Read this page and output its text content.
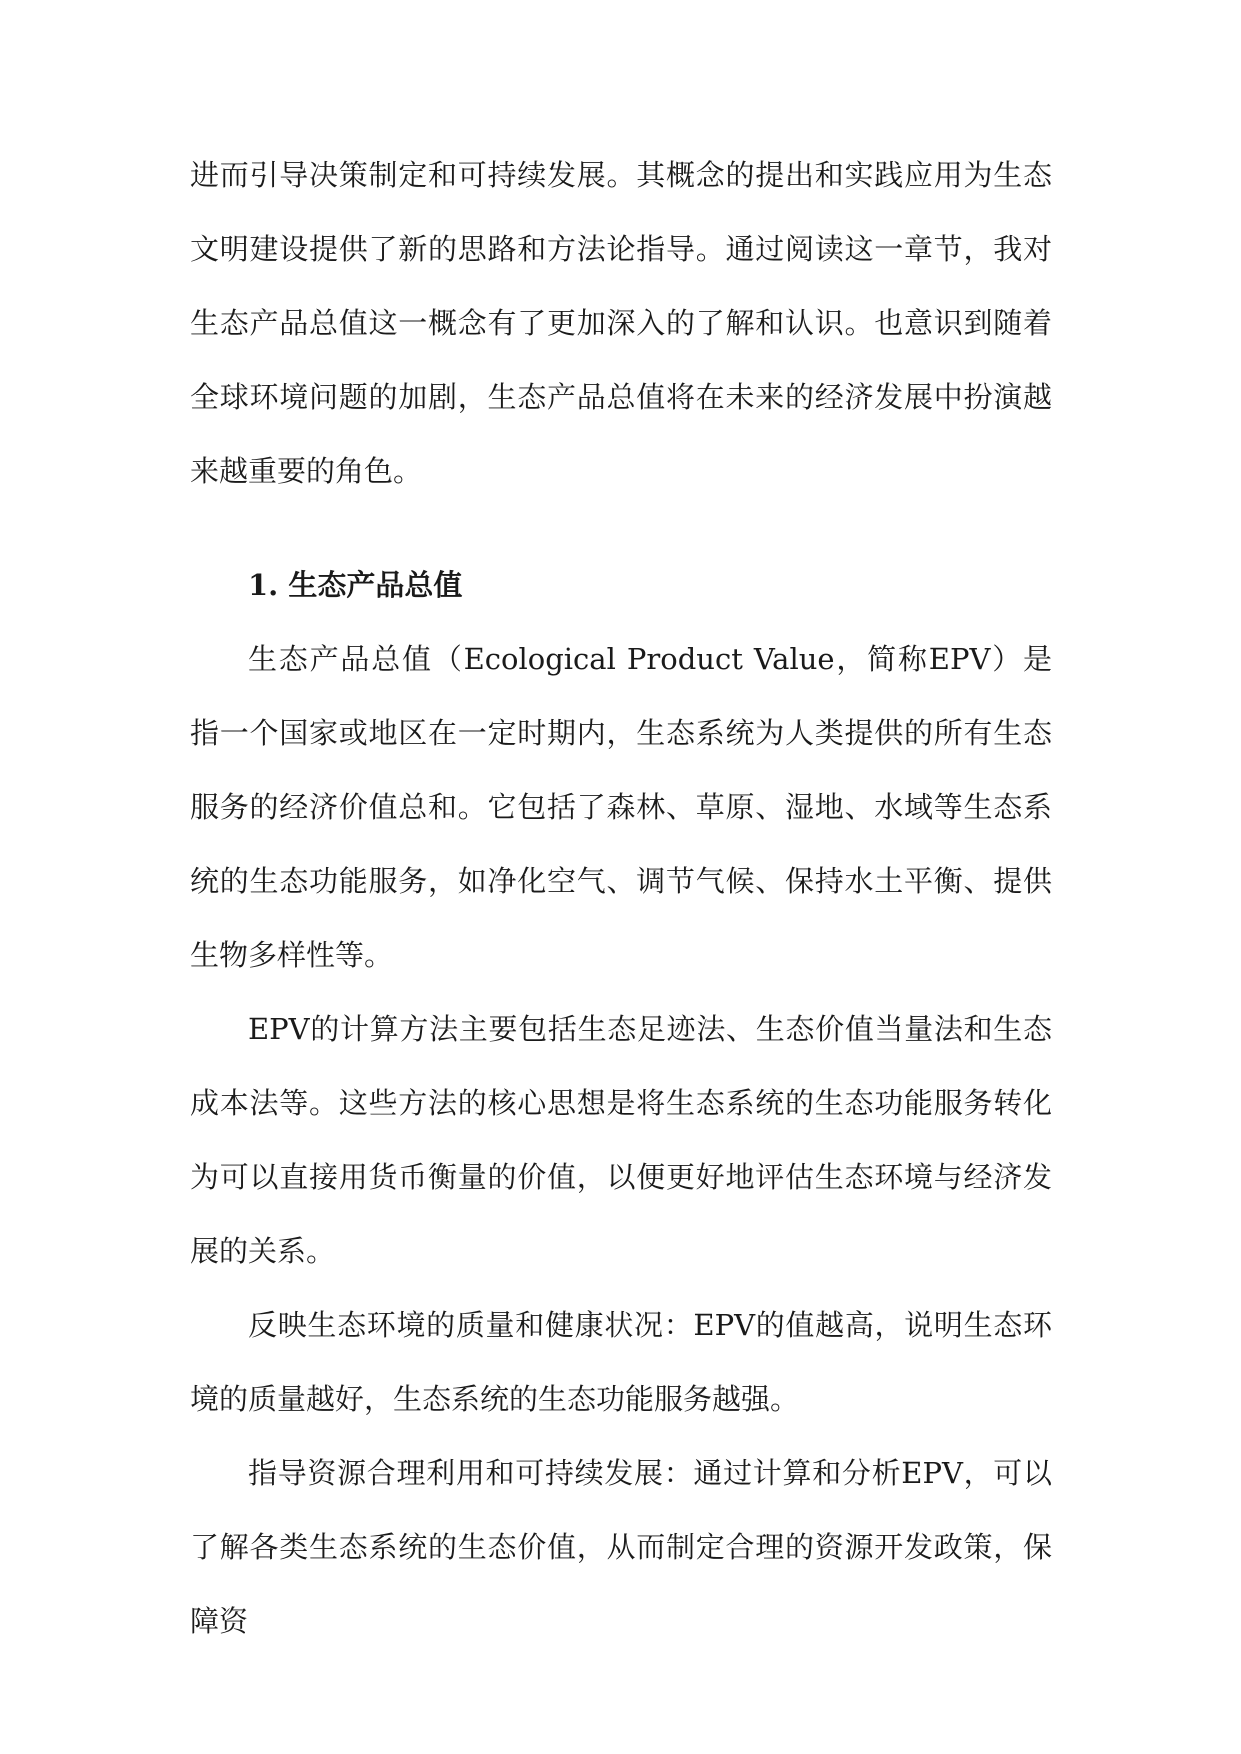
进而引导决策制定和可持续发展。其概念的提出和实践应用为生态文明建设提供了新的思路和方法论指导。通过阅读这一章节，我对生态产品总值这一概念有了更加深入的了解和认识。也意识到随着全球环境问题的加剧，生态产品总值将在未来的经济发展中扮演越来越重要的角色。

1. 生态产品总值

生态产品总值（Ecological Product Value，简称EPV）是指一个国家或地区在一定时期内，生态系统为人类提供的所有生态服务的经济价值总和。它包括了森林、草原、湿地、水域等生态系统的生态功能服务，如净化空气、调节气候、保持水土平衡、提供生物多样性等。

EPV的计算方法主要包括生态足迹法、生态价值当量法和生态成本法等。这些方法的核心思想是将生态系统的生态功能服务转化为可以直接用货币衡量的价值，以便更好地评估生态环境与经济发展的关系。

反映生态环境的质量和健康状况：EPV的值越高，说明生态环境的质量越好，生态系统的生态功能服务越强。

指导资源合理利用和可持续发展：通过计算和分析EPV，可以了解各类生态系统的生态价值，从而制定合理的资源开发政策，保障资
